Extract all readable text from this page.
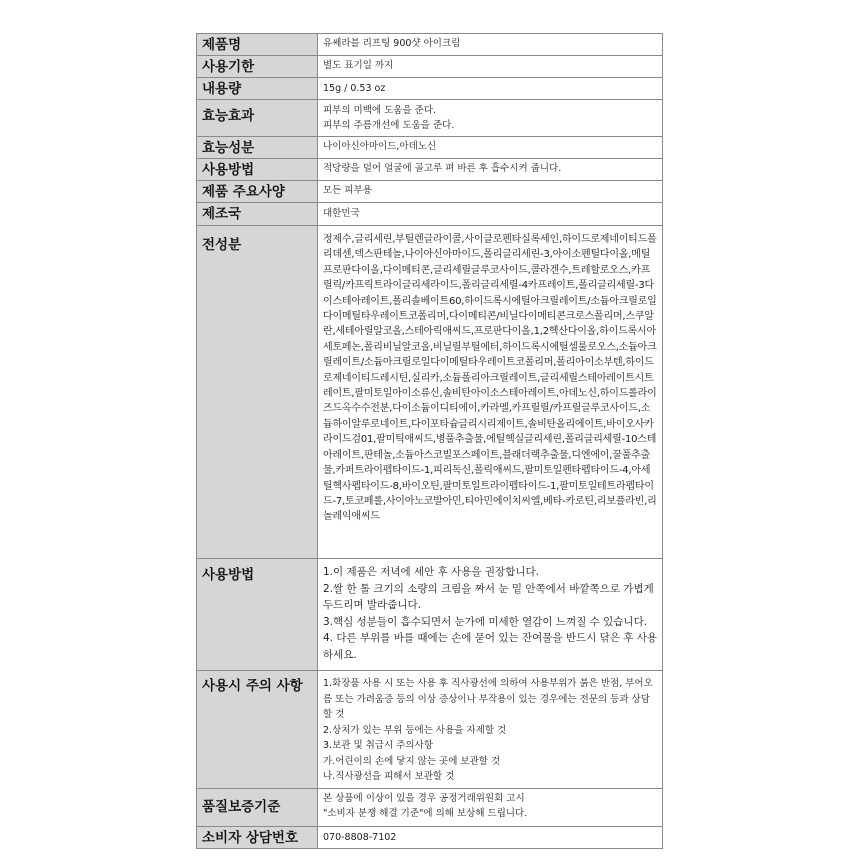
제품명	유쎄라블 리프팅 900샷 아이크림

사용기한	별도 표기일 까지

내용량	15g / 0.53 oz

효능효과	피부의 미백에 도움을 준다.
피부의 주름개선에 도움을 준다.

효능성분	나이아신아마이드,아데노신

사용방법	적당량을 덜어 얼굴에 골고루 펴 바른 후 흡수시켜 줍니다.

제품 주요사양	모든 피부용

제조국	대한민국

전성분	정제수,글리세린,부틸렌글라이콜,사이클로펜타실록세인,하이드로제네이티드폴리데센,덱스판테놀,나이아신아마이드,폴리글리세린-3,아이소펜틸다이올,메틸프로판다이올,다이메티콘,글리세릴글루코사이드,콜라겐수,트레할로오스,카프릴릭/카프릭트라이글리세라이드,폴리글리세릴-4카프레이트,폴리글리세릴-3다이스테아레이트,폴리솔베이트60,하이드록시에틸아크릴레이트/소듐아크릴로일다이메틸타우레이트코폴리머,다이메티콘/비닐다이메티콘크로스폴리머,스쿠알란,세테아릴알코올,스테아릭애씨드,프로판다이올,1,2헥산다이올,하이드록시아세토페논,폴리비닐알코올,비닐릴부틸에터,하이드록시에틸셀룰로오스,소듐아크릴레이트/소듐아크릴로일다이메틸타우레이트코폴리머,폴리아이소부텐,하이드로제네이티드레시틴,실리카,소듐폴리아크릴레이트,글리세릴스테아레이트시트레이트,팔미토일아이소류신,솔비탄아이소스테아레이트,아데노신,하이드롤라이즈드옥수수전분,다이소듐이디티에이,카라멜,카프릴릴/카프릴글루코사이드,소듐하이알루로네이트,다이포타슘글리시리제이트,솔비탄올리에이트,바이오사카라이드검01,팔미틱애씨드,병풀추출물,에틸헥실글리세린,폴리글리세릴-10스테아레이트,판테놀,소듐아스코빌포스페이트,블래더랙추출물,디엔에이,꿀풀추출물,카퍼트라이펩타이드-1,피리독신,폴릭애씨드,팔미토일펜타펩타이드-4,아세틸헥사펩타이드-8,바이오틴,팔미토일트라이펩타이드-1,팔미토일테트라펩타이드-7,토코페롤,사이아노코발아민,티아민에이치씨엘,베타-카로틴,리보플라빈,리놀레익애씨드

사용방법	1.이 제품은 저녁에 세안 후 사용을 권장합니다.
2.쌀 한 톨 크기의 소량의 크림을 짜서 눈 밑 안쪽에서 바깥쪽으로 가볍게 두드리며 발라줍니다.
3.핵심 성분들이 흡수되면서 눈가에 미세한 열감이 느껴질 수 있습니다.
4. 다른 부위를 바를 때에는 손에 묻어 있는 잔여물을 반드시 닦은 후 사용 하세요.

사용시 주의 사항	1.화장품 사용 시 또는 사용 후 직사광선에 의하여 사용부위가 붉은 반점, 부어오름 또는 가려움증 등의 이상 증상이나 부작용이 있는 경우에는 전문의 등과 상담할 것
2.상처가 있는 부위 등에는 사용을 자제할 것
3.보관 및 취급시 주의사항
가.어린이의 손에 닿지 않는 곳에 보관할 것
나.직사광선을 피해서 보관할 것

품질보증기준	본 상품에 이상이 있을 경우 공정거래위원회 고시
"소비자 분쟁 해결 기준"에 의해 보상해 드립니다.

소비자 상담번호	070-8808-7102
